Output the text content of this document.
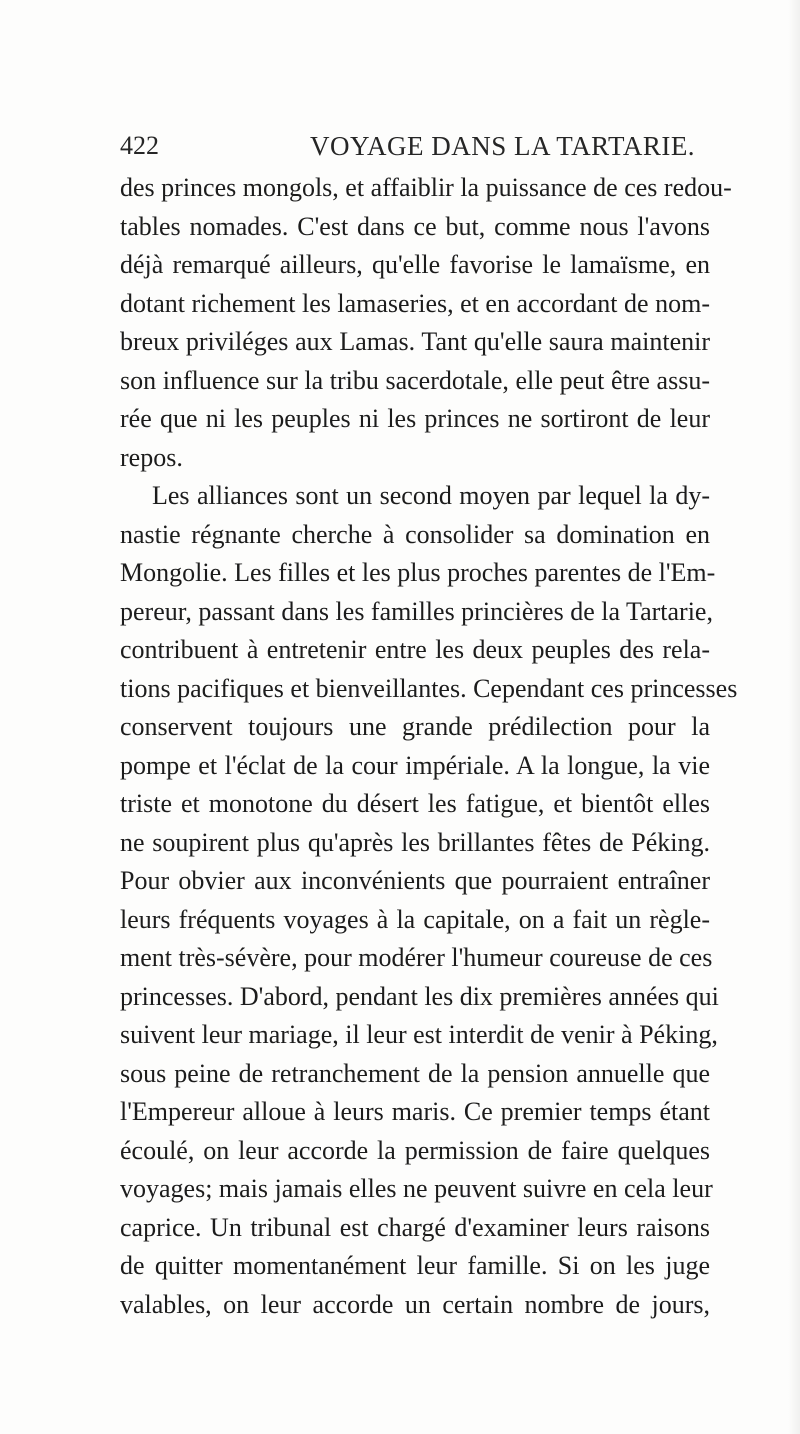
422	VOYAGE DANS LA TARTARIE.
des princes mongols, et affaiblir la puissance de ces redou-
tables nomades. C'est dans ce but, comme nous l'avons
déjà remarqué ailleurs, qu'elle favorise le lamaïsme, en
dotant richement les lamaseries, et en accordant de nom-
breux priviléges aux Lamas. Tant qu'elle saura maintenir
son influence sur la tribu sacerdotale, elle peut être assu-
rée que ni les peuples ni les princes ne sortiront de leur
repos.
Les alliances sont un second moyen par lequel la dy-
nastie régnante cherche à consolider sa domination en
Mongolie. Les filles et les plus proches parentes de l'Em-
pereur, passant dans les familles princières de la Tartarie,
contribuent à entretenir entre les deux peuples des rela-
tions pacifiques et bienveillantes. Cependant ces princesses
conservent toujours une grande prédilection pour la
pompe et l'éclat de la cour impériale. A la longue, la vie
triste et monotone du désert les fatigue, et bientôt elles
ne soupirent plus qu'après les brillantes fêtes de Péking.
Pour obvier aux inconvénients que pourraient entraîner
leurs fréquents voyages à la capitale, on a fait un règle-
ment très-sévère, pour modérer l'humeur coureuse de ces
princesses. D'abord, pendant les dix premières années qui
suivent leur mariage, il leur est interdit de venir à Péking,
sous peine de retranchement de la pension annuelle que
l'Empereur alloue à leurs maris. Ce premier temps étant
écoulé, on leur accorde la permission de faire quelques
voyages; mais jamais elles ne peuvent suivre en cela leur
caprice. Un tribunal est chargé d'examiner leurs raisons
de quitter momentanément leur famille. Si on les juge
valables, on leur accorde un certain nombre de jours,
